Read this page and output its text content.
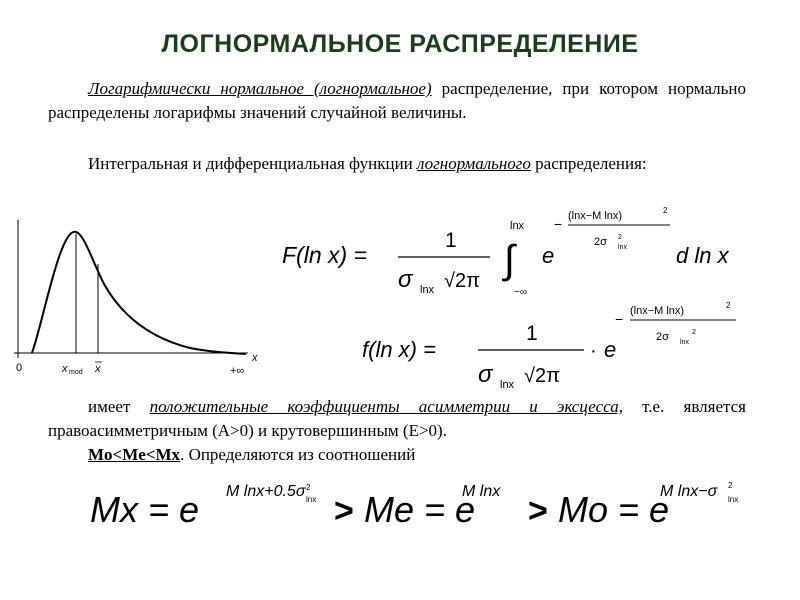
ЛОГНОРМАЛЬНОЕ РАСПРЕДЕЛЕНИЕ
Логарифмически нормальное (логнормальное) распределение, при котором нормально распределены логарифмы значений случайной величины.
Интегральная и дифференциальная функции логнормального распределения:
x
0	x mod x	+∞
F(ln x) =
1
σ lnx √2π
lnx
∫
−∞
e
− (lnx−M lnx)	2
2σ lnx
2
d ln x
f(ln x) =
1
σ lnx √2π
· e
− (lnx−M lnx)	2
2σ lnx
2
имеет положительные коэффициенты асимметрии и эксцесса, т.е. является правоасимметричным (А>0) и крутовершинным (Е>0).
Mo<Me<Mx. Определяются из соотношений
Mx = e M lnx+0.5σ lnx
2
> Me = e
M lnx
> Mo = e
M lnx−σ 2
lnx
